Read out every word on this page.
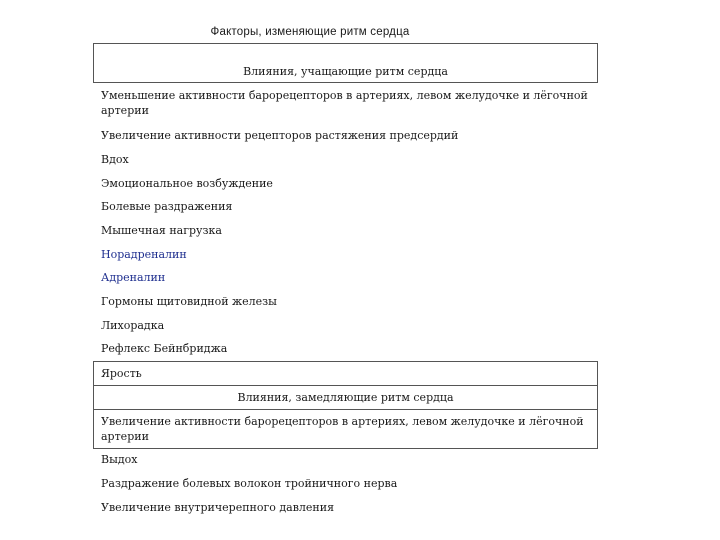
Факторы, изменяющие ритм сердца
Влияния, учащающие ритм сердца
Уменьшение активности барорецепторов в артериях, левом желудочке и лёгочной артерии
Увеличение активности рецепторов растяжения предсердий
Вдох
Эмоциональное возбуждение
Болевые раздражения
Мышечная нагрузка
Норадреналин
Адреналин
Гормоны щитовидной железы
Лихорадка
Рефлекс Бейнбриджа
Ярость
Влияния, замедляющие ритм сердца
Увеличение активности барорецепторов в артериях, левом желудочке и лёгочной артерии
Выдох
Раздражение болевых волокон тройничного нерва
Увеличение внутричерепного давления
